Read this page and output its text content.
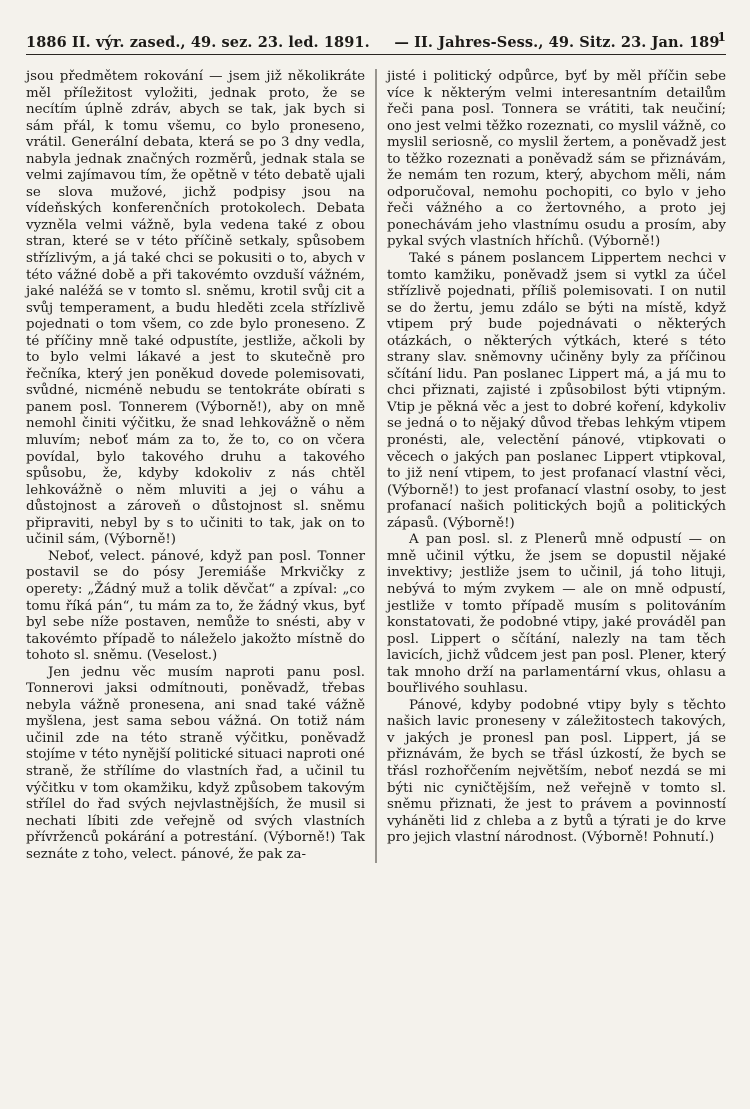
1886 II. výr. zased., 49. sez. 23. led. 1891. — II. Jahres-Sess., 49. Sitz. 23. Jan. $189^1$

jsou předmětem rokování — jsem již několikráte měl příležitost vyložiti, jednak proto, že se necítím úplně zdráv, abych se tak, jak bych si sám přál, k tomu všemu, co bylo proneseno, vrátil. Generální debata, která se po 3 dny vedla, nabyla jednak značných rozměrů, jednak stala se velmi zajímavou tím, že opětně v této debatě ujali se slova mužové, jichž podpisy jsou na vídeňských konferenčních protokolech. Debata vyzněla velmi vážně, byla vedena také z obou stran, které se v této příčině setkaly, spůsobem střízlivým, a já také chci se pokusiti o to, abych v této vážné době a při takovémto ovzduší vážném, jaké naléžá se v tomto sl. sněmu, krotil svůj cit a svůj temperament, a budu hleděti zcela střízlivě pojednati o tom všem, co zde bylo proneseno. Z té příčiny mně také odpustíte, jestliže, ačkoli by to bylo velmi lákavé a jest to skutečně pro řečníka, který jen poněkud dovede polemisovati, svůdné, nicméně nebudu se tentokráte obírati s panem posl. Tonnerem (Výborně!), aby on mně nemohl činiti výčitku, že snad lehkovážně o něm mluvím; neboť mám za to, že to, co on včera povídal, bylo takového druhu a takového spůsobu, že, kdyby kdokoliv z nás chtěl lehkovážně o něm mluviti a jej o váhu a důstojnost a zároveň o důstojnost sl. sněmu připraviti, nebyl by s to učiniti to tak, jak on to učinil sám, (Výborně!)

Neboť, velect. pánové, když pan posl. Tonner postavil se do pósy Jeremiáše Mrkvičky z operety: „Žádný muž a tolik děvčat“ a zpíval: „co tomu říká pán“, tu mám za to, že žádný vkus, byť byl sebe níže postaven, nemůže to snésti, aby v takovémto případě to náleželo jakožto místně do tohoto sl. sněmu. (Veselost.)

Jen jednu věc musím naproti panu posl. Tonnerovi jaksi odmítnouti, poněvadž, třebas nebyla vážně pronesena, ani snad také vážně myšlena, jest sama sebou vážná. On totiž nám učinil zde na této straně výčitku, poněvadž stojíme v této nynější politické situaci naproti oné straně, že střílíme do vlastních řad, a učinil tu výčitku v tom okamžiku, když způsobem takovým střílel do řad svých nejvlastnějších, že musil si nechati líbiti zde veřejně od svých vlastních přívrženců pokárání a potrestání. (Výborně!) Tak seznáte z toho, velect. pánové, že pak za-

jisté i politický odpůrce, byť by měl příčin sebe více k některým velmi interesantním detailům řeči pana posl. Tonnera se vrátiti, tak neučiní; ono jest velmi těžko rozeznati, co myslil vážně, co myslil seriosně, co myslil žertem, a poněvadž jest to těžko rozeznati a poněvadž sám se přiznávám, že nemám ten rozum, který, abychom měli, nám odporučoval, nemohu pochopiti, co bylo v jeho řeči vážného a co žertovného, a proto jej ponechávám jeho vlastnímu osudu a prosím, aby pykal svých vlastních hříchů. (Výborně!)

Také s pánem poslancem Lippertem nechci v tomto kamžiku, poněvadž jsem si vytkl za účel střízlivě pojednati, příliš polemisovati. I on nutil se do žertu, jemu zdálo se býti na místě, když vtipem prý bude pojednávati o některých otázkách, o některých výtkách, které s této strany slav. sněmovny učiněny byly za příčinou sčítání lidu. Pan poslanec Lippert má, a já mu to chci přiznati, zajisté i způsobilost býti vtipným. Vtip je pěkná věc a jest to dobré koření, kdykoliv se jedná o to nějaký důvod třebas lehkým vtipem pronésti, ale, velectění pánové, vtipkovati o věcech o jakých pan poslanec Lippert vtipkoval, to již není vtipem, to jest profanací vlastní věci, (Výborně!) to jest profanací vlastní osoby, to jest profanací našich politických bojů a politických zápasů. (Výborně!)

A pan posl. sl. z Plenerů mně odpustí — on mně učinil výtku, že jsem se dopustil nějaké invektivy; jestliže jsem to učinil, já toho lituji, nebývá to mým zvykem — ale on mně odpustí, jestliže v tomto případě musím s politováním konstatovati, že podobné vtipy, jaké prováděl pan posl. Lippert o sčítání, nalezly na tam těch lavicích, jichž vůdcem jest pan posl. Plener, který tak mnoho drží na parlamentární vkus, ohlasu a bouřlivého souhlasu.

Pánové, kdyby podobné vtipy byly s těchto našich lavic proneseny v záležitostech takových, v jakých je pronesl pan posl. Lippert, já se přiznávám, že bych se třásl úzkostí, že bych se třásl rozhořčením největším, neboť nezdá se mi býti nic cyničtějším, než veřejně v tomto sl. sněmu přiznati, že jest to právem a povinností vyháněti lid z chleba a z bytů a týrati je do krve pro jejich vlastní národnost. (Výborně! Pohnutí.)
